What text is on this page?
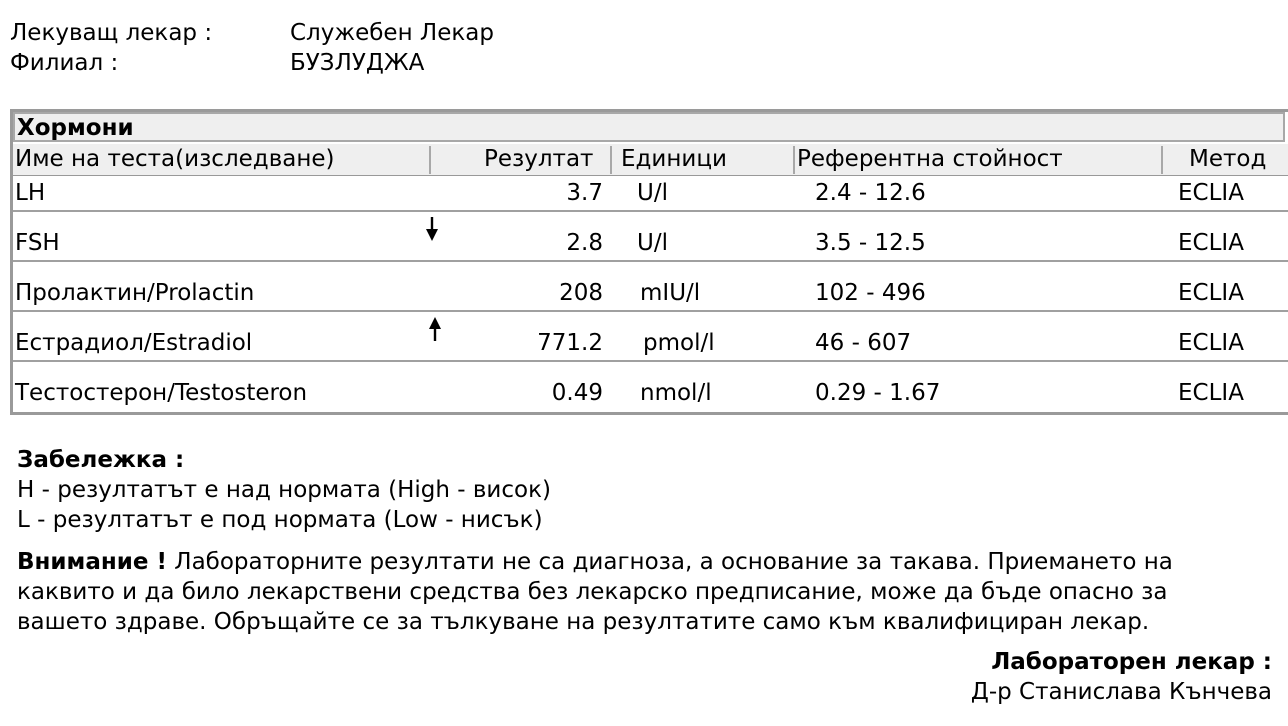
Лекуващ лекар :	Служебен Лекар
Филиал :	БУЗЛУДЖА
Хормони
Име на теста(изследване)	Резултат Единици	Референтна стойност	Метод
LH	3.7 U/l	2.4 - 12.6	ECLIA
FSH	2.8 U/l	3.5 - 12.5	ECLIA
Пролактин/Prolactin	208 mIU/l	102 - 496	ECLIA
Естрадиол/Estradiol	771.2 pmol/l	46 - 607	ECLIA
Тестостерон/Testosteron	0.49 nmol/l	0.29 - 1.67	ECLIA
Забележка :
H - резултатът е над нормата (High - висок)
L - резултатът е под нормата (Low - нисък)
Внимание ! Лабораторните резултати не са диагноза, а основание за такава. Приемането на каквито и да било лекарствени средства без лекарско предписание, може да бъде опасно за вашето здраве. Обръщайте се за тълкуване на резултатите само към квалифициран лекар.
Лабораторен лекар :
Д-р Станислава Кънчева
